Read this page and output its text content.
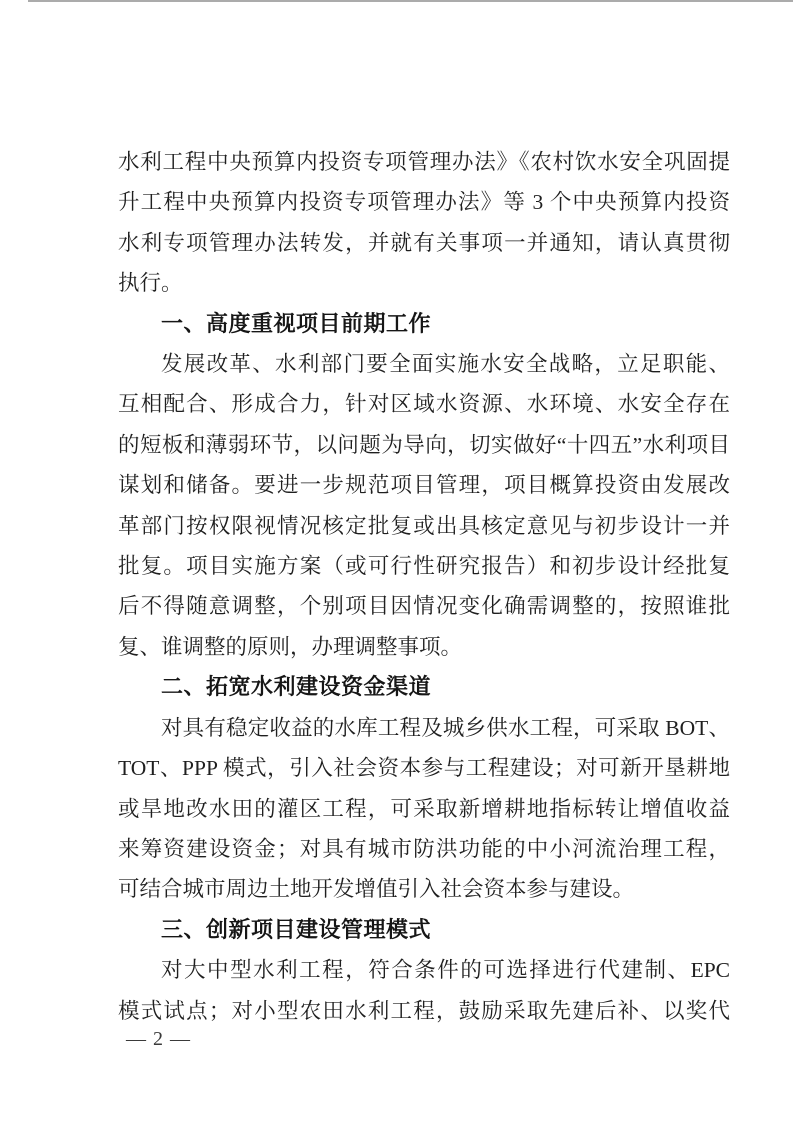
水利工程中央预算内投资专项管理办法》《农村饮水安全巩固提
升工程中央预算内投资专项管理办法》等 3 个中央预算内投资
水利专项管理办法转发，并就有关事项一并通知，请认真贯彻
执行。
一、高度重视项目前期工作
发展改革、水利部门要全面实施水安全战略，立足职能、
互相配合、形成合力，针对区域水资源、水环境、水安全存在
的短板和薄弱环节，以问题为导向，切实做好“十四五”水利项目
谋划和储备。要进一步规范项目管理，项目概算投资由发展改
革部门按权限视情况核定批复或出具核定意见与初步设计一并
批复。项目实施方案（或可行性研究报告）和初步设计经批复
后不得随意调整，个别项目因情况变化确需调整的，按照谁批
复、谁调整的原则，办理调整事项。
二、拓宽水利建设资金渠道
对具有稳定收益的水库工程及城乡供水工程，可采取 BOT、
TOT、PPP 模式，引入社会资本参与工程建设；对可新开垦耕地
或旱地改水田的灌区工程，可采取新增耕地指标转让增值收益
来筹资建设资金；对具有城市防洪功能的中小河流治理工程，
可结合城市周边土地开发增值引入社会资本参与建设。
三、创新项目建设管理模式
对大中型水利工程，符合条件的可选择进行代建制、EPC
模式试点；对小型农田水利工程，鼓励采取先建后补、以奖代
— 2 —
